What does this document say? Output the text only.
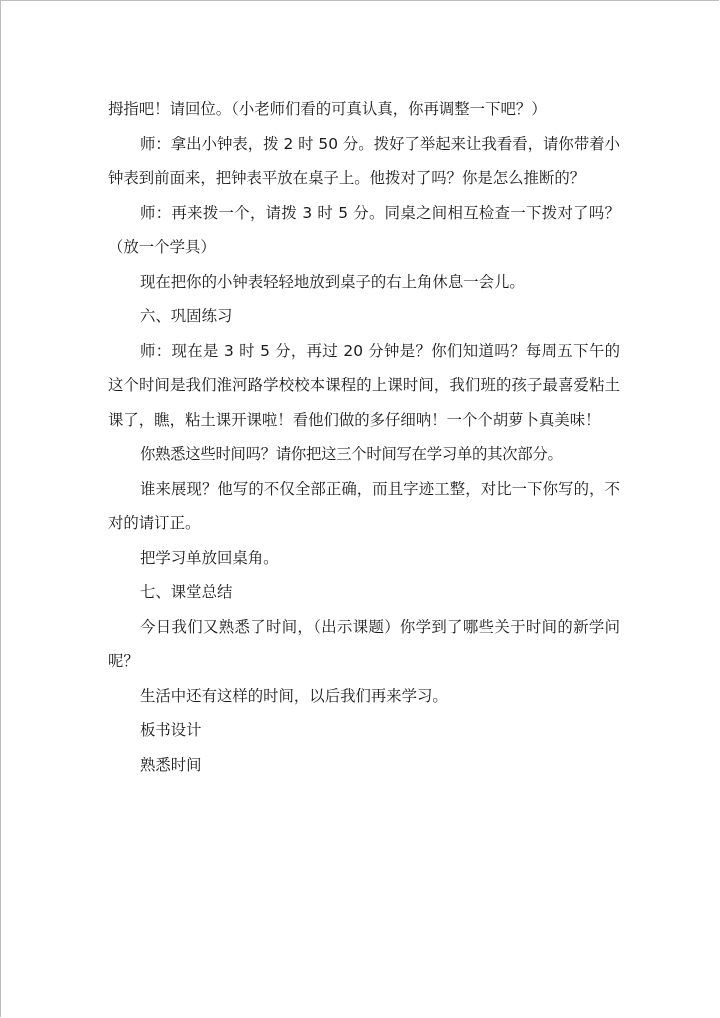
拇指吧！请回位。（小老师们看的可真认真，你再调整一下吧？）

师：拿出小钟表，拨 2 时 50 分。拨好了举起来让我看看，请你带着小钟表到前面来，把钟表平放在桌子上。他拨对了吗？你是怎么推断的？

师：再来拨一个，请拨 3 时 5 分。同桌之间相互检查一下拨对了吗？（放一个学具）

现在把你的小钟表轻轻地放到桌子的右上角休息一会儿。

六、巩固练习

师：现在是 3 时 5 分，再过 20 分钟是？你们知道吗？每周五下午的这个时间是我们淮河路学校校本课程的上课时间，我们班的孩子最喜爱粘土课了，瞧，粘土课开课啦！看他们做的多仔细呐！一个个胡萝卜真美味！

你熟悉这些时间吗？请你把这三个时间写在学习单的其次部分。

谁来展现？他写的不仅全部正确，而且字迹工整，对比一下你写的，不对的请订正。

把学习单放回桌角。

七、课堂总结

今日我们又熟悉了时间，（出示课题）你学到了哪些关于时间的新学问呢？

生活中还有这样的时间，以后我们再来学习。

板书设计

熟悉时间
